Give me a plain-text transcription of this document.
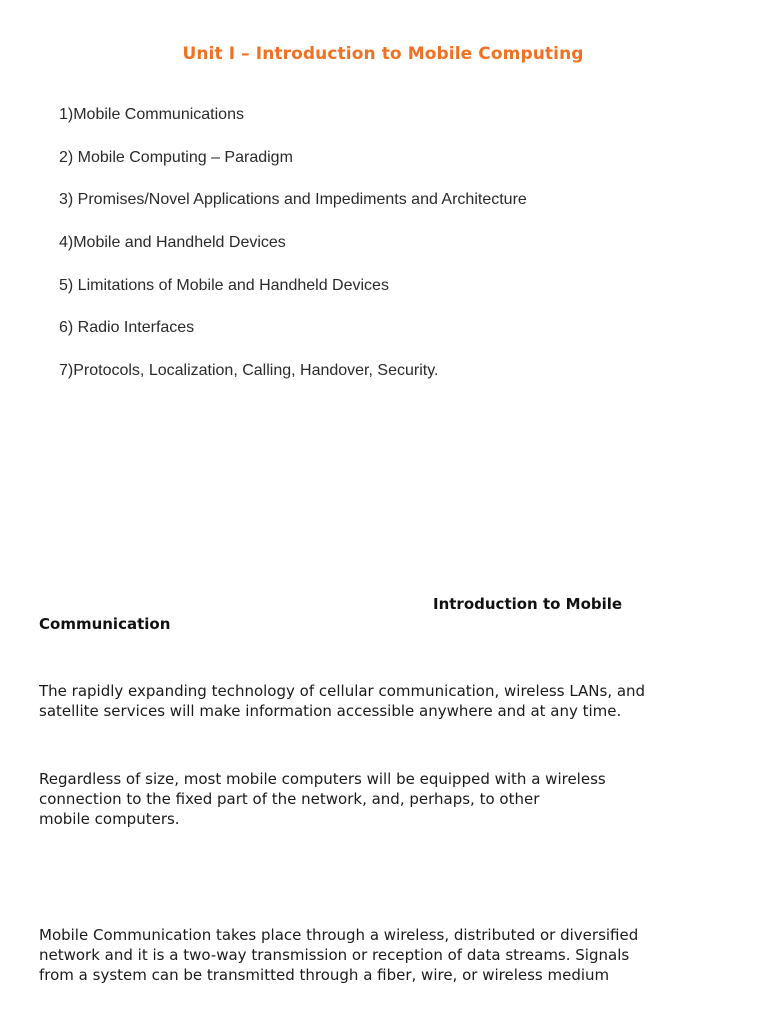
Unit I – Introduction to Mobile Computing
1)Mobile Communications
2) Mobile Computing – Paradigm
3) Promises/Novel Applications and Impediments and Architecture
4)Mobile and Handheld Devices
5) Limitations of Mobile and Handheld Devices
6) Radio Interfaces
7)Protocols, Localization, Calling, Handover, Security.
Introduction to Mobile
Communication

The rapidly expanding technology of cellular communication, wireless LANs, and
satellite services will make information accessible anywhere and at any time.

Regardless of size, most mobile computers will be equipped with a wireless
connection to the fixed part of the network, and, perhaps, to other
mobile computers.

Mobile Communication takes place through a wireless, distributed or diversified
network and it is a two-way transmission or reception of data streams. Signals
from a system can be transmitted through a fiber, wire, or wireless medium
